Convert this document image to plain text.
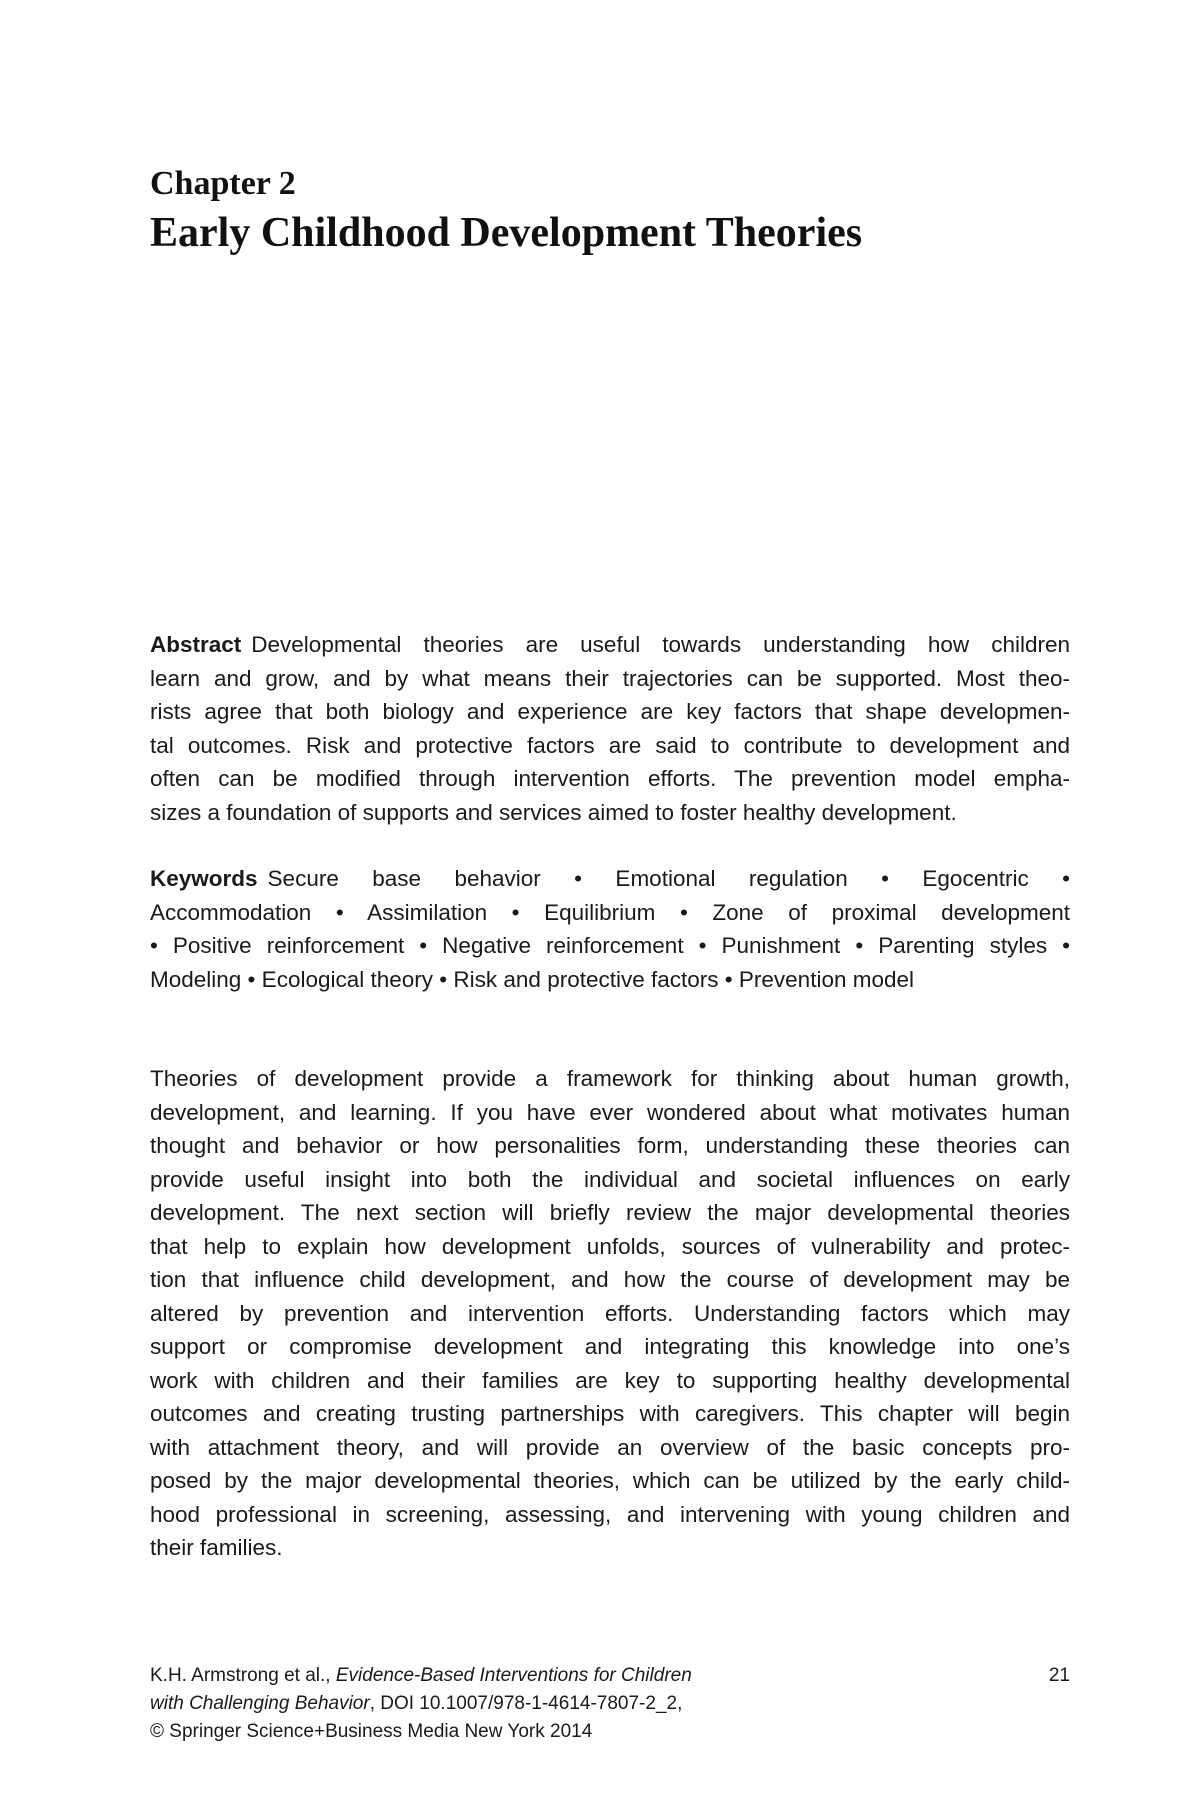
Chapter 2
Early Childhood Development Theories
Abstract Developmental theories are useful towards understanding how children
learn and grow, and by what means their trajectories can be supported. Most theo-
rists agree that both biology and experience are key factors that shape developmen-
tal outcomes. Risk and protective factors are said to contribute to development and
often can be modified through intervention efforts. The prevention model empha-
sizes a foundation of supports and services aimed to foster healthy development.
Keywords Secure base behavior • Emotional regulation • Egocentric •
Accommodation • Assimilation • Equilibrium • Zone of proximal development
• Positive reinforcement • Negative reinforcement • Punishment • Parenting styles •
Modeling • Ecological theory • Risk and protective factors • Prevention model
Theories of development provide a framework for thinking about human growth,
development, and learning. If you have ever wondered about what motivates human
thought and behavior or how personalities form, understanding these theories can
provide useful insight into both the individual and societal influences on early
development. The next section will briefly review the major developmental theories
that help to explain how development unfolds, sources of vulnerability and protec-
tion that influence child development, and how the course of development may be
altered by prevention and intervention efforts. Understanding factors which may
support or compromise development and integrating this knowledge into one’s
work with children and their families are key to supporting healthy developmental
outcomes and creating trusting partnerships with caregivers. This chapter will begin
with attachment theory, and will provide an overview of the basic concepts pro-
posed by the major developmental theories, which can be utilized by the early child-
hood professional in screening, assessing, and intervening with young children and
their families.
K.H. Armstrong et al., Evidence-Based Interventions for Children
with Challenging Behavior, DOI 10.1007/978-1-4614-7807-2_2,
© Springer Science+Business Media New York 2014
21
